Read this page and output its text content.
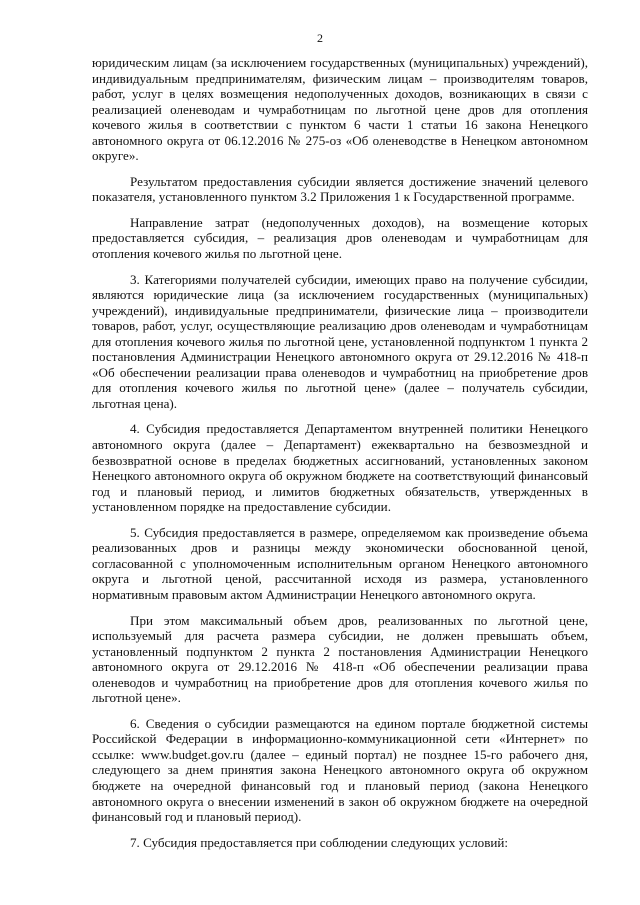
2

юридическим лицам (за исключением государственных (муниципальных) учреждений), индивидуальным предпринимателям, физическим лицам – производителям товаров, работ, услуг в целях возмещения недополученных доходов, возникающих в связи с реализацией оленеводам и чумработницам по льготной цене дров для отопления кочевого жилья в соответствии с пунктом 6 части 1 статьи 16 закона Ненецкого автономного округа от 06.12.2016 № 275-оз «Об оленеводстве в Ненецком автономном округе».

Результатом предоставления субсидии является достижение значений целевого показателя, установленного пунктом 3.2 Приложения 1 к Государственной программе.

Направление затрат (недополученных доходов), на возмещение которых предоставляется субсидия, – реализация дров оленеводам и чумработницам для отопления кочевого жилья по льготной цене.

3. Категориями получателей субсидии, имеющих право на получение субсидии, являются юридические лица (за исключением государственных (муниципальных) учреждений), индивидуальные предприниматели, физические лица – производители товаров, работ, услуг, осуществляющие реализацию дров оленеводам и чумработницам для отопления кочевого жилья по льготной цене, установленной подпунктом 1 пункта 2 постановления Администрации Ненецкого автономного округа от 29.12.2016 № 418-п «Об обеспечении реализации права оленеводов и чумработниц на приобретение дров для отопления кочевого жилья по льготной цене» (далее – получатель субсидии, льготная цена).

4. Субсидия предоставляется Департаментом внутренней политики Ненецкого автономного округа (далее – Департамент) ежеквартально на безвозмездной и безвозвратной основе в пределах бюджетных ассигнований, установленных законом Ненецкого автономного округа об окружном бюджете на соответствующий финансовый год и плановый период, и лимитов бюджетных обязательств, утвержденных в установленном порядке на предоставление субсидии.

5. Субсидия предоставляется в размере, определяемом как произведение объема реализованных дров и разницы между экономически обоснованной ценой, согласованной с уполномоченным исполнительным органом Ненецкого автономного округа и льготной ценой, рассчитанной исходя из размера, установленного нормативным правовым актом Администрации Ненецкого автономного округа.

При этом максимальный объем дров, реализованных по льготной цене, используемый для расчета размера субсидии, не должен превышать объем, установленный подпунктом 2 пункта 2 постановления Администрации Ненецкого автономного округа от 29.12.2016 № 418-п «Об обеспечении реализации права оленеводов и чумработниц на приобретение дров для отопления кочевого жилья по льготной цене».

6. Сведения о субсидии размещаются на едином портале бюджетной системы Российской Федерации в информационно-коммуникационной сети «Интернет» по ссылке: www.budget.gov.ru (далее – единый портал) не позднее 15-го рабочего дня, следующего за днем принятия закона Ненецкого автономного округа об окружном бюджете на очередной финансовый год и плановый период (закона Ненецкого автономного округа о внесении изменений в закон об окружном бюджете на очередной финансовый год и плановый период).

7. Субсидия предоставляется при соблюдении следующих условий:
